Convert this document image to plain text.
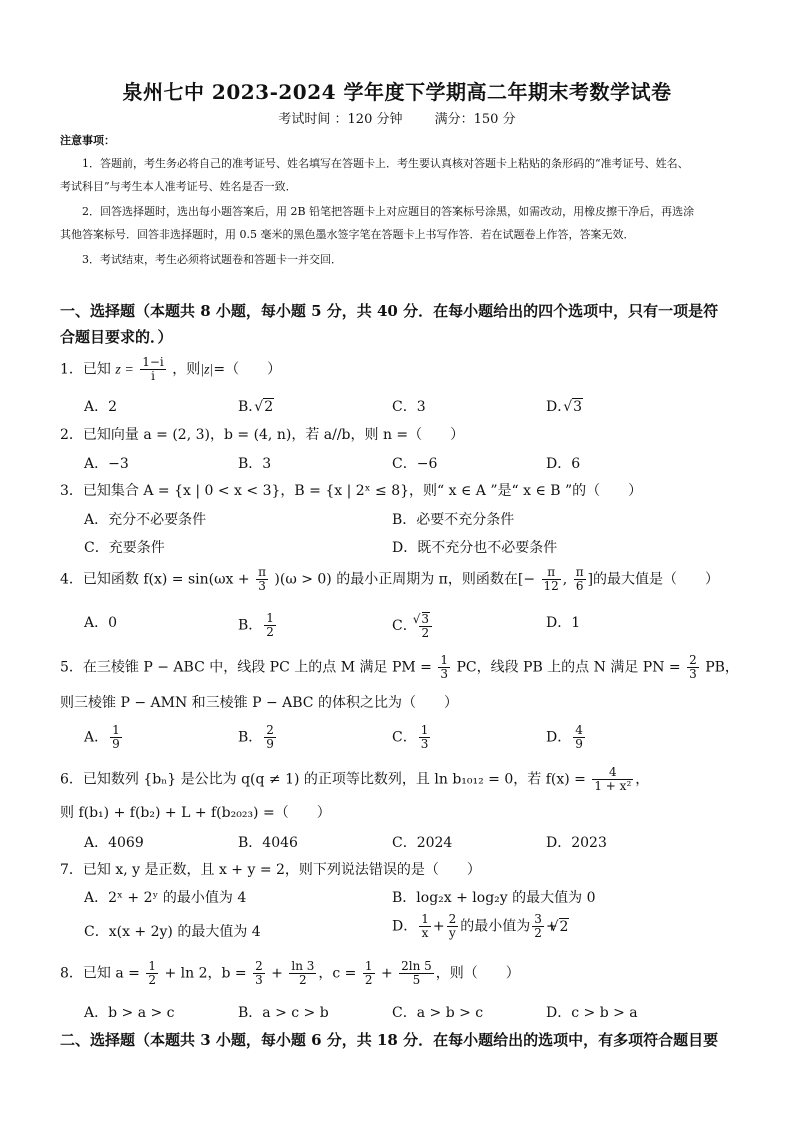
泉州七中 2023-2024 学年度下学期高二年期末考数学试卷
考试时间 ：120 分钟 满分：150 分
注意事项：
1．答题前，考生务必将自己的准考证号、姓名填写在答题卡上．考生要认真核对答题卡上粘贴的条形码的“准考证号、姓名、
考试科目”与考生本人准考证号、姓名是否一致．
2．回答选择题时，选出每小题答案后，用 2B 铅笔把答题卡上对应题目的答案标号涂黑，如需改动，用橡皮擦干净后，再选涂
其他答案标号．回答非选择题时，用 0.5 毫米的黑色墨水签字笔在答题卡上书写作答．若在试题卷上作答，答案无效．
3．考试结束，考生必须将试题卷和答题卡一并交回．
一、选择题（本题共 8 小题，每小题 5 分，共 40 分．在每小题给出的四个选项中，只有一项是符
合题目要求的．）
1．已知 $z = \frac{1-i}{i}$ ，则|z|=（　　）
A．2	B． √ 2	C．3	D． √ 3
2．已知向量 a = (2, 3)，b = (4, n)，若 a//b，则 n =（　　）
A．−3	B．3	C．−6	D．6
3．已知集合 A = {x | 0 < x < 3}，B = {x | 2ˣ ≤ 8}，则“ x ∈ A ”是“ x ∈ B ”的（　　）
A．充分不必要条件	B．必要不充分条件
C．充要条件	D．既不充分也不必要条件
4．已知函数 $f(x) = \sin(\omega x + \frac{\pi}{3} )(\omega > 0)$ 的最小正周期为 π，则函数在[− $\frac{\pi}{12}$ , $\frac{\pi}{6}$ ]的最大值是（　　）
A．0	B． $\frac{1}{2}$	C． √ $\frac{3}{2}$	D．1
5．在三棱锥 P − ABC 中，线段 PC 上的点 M 满足 PM = $\frac{1}{3}$ PC，线段 PB 上的点 N 满足 PN = $\frac{2}{3}$ PB，
则三棱锥 P − AMN 和三棱锥 P − ABC 的体积之比为（　　）
A． $\frac{1}{9}$	B． $\frac{2}{9}$	C． $\frac{1}{3}$	D． $\frac{4}{9}$
6．已知数列 {bₙ} 是公比为 q(q ≠ 1) 的正项等比数列，且 ln b₁₀₁₂ = 0，若 $f(x) = \frac{4}{\text{1 + x²}}$ ，
则 f(b₁) + f(b₂) + L + f(b₂₀₂₃) =（　　）
A．4069	B．4046	C．2024	D．2023
7．已知 x, y 是正数，且 x + y = 2，则下列说法错误的是（　　）
A．2ˣ + 2ʸ 的最小值为 4	B．log₂x + log₂y 的最大值为 0
C．x(x + 2y) 的最大值为 4	D． $\frac{1}{x} + \frac{2}{y}$ 的最小值为 $\frac{3}{2}$ + √ 2
8．已知 $a = \frac{1}{2} + \ln 2$，$b = \frac{2}{3} + \frac{\ln 3}{2}$ ，$c = \frac{1}{2} + \frac{2\ln 5}{5}$ ，则（　　）
A．b > a > c	B．a > c > b	C．a > b > c	D．c > b > a
二、选择题（本题共 3 小题，每小题 6 分，共 18 分．在每小题给出的选项中，有多项符合题目要
